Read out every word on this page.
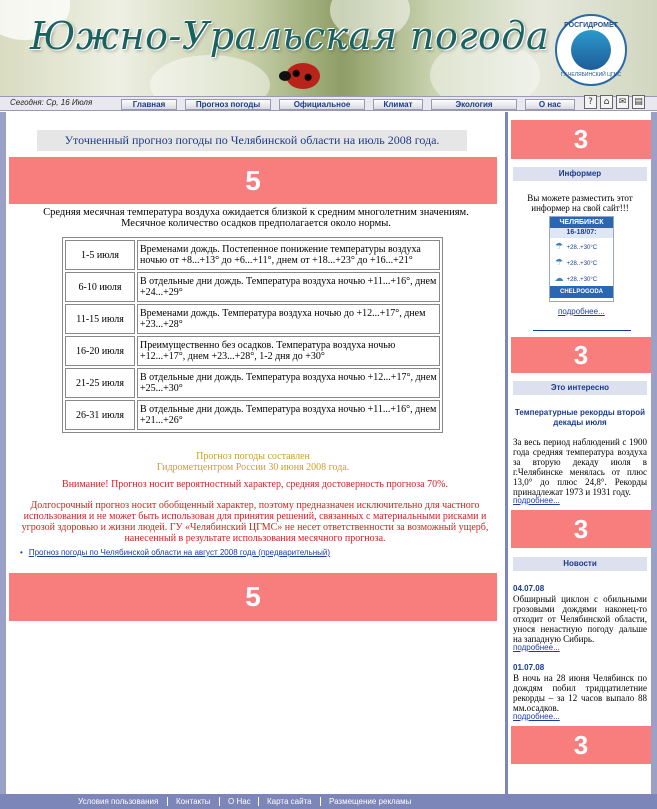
Южно-Уральская погода	РОСГИДРОМЕТ
ГУ ЧЕЛЯБИНСКИЙ ЦГМС
Сегодня: Ср, 16 Июля	Главная	Прогноз погоды	Официальное	Климат	Экология	О нас	?	⌂	✉ ▤
Уточненный прогноз погоды по Челябинской области на июль 2008 года.
5
Средняя месячная температура воздуха ожидается близкой к средним многолетним значениям.
Месячное количество осадков предполагается около нормы.
1-5 июля	Временами дождь. Постепенное понижение температуры воздуха ночью от +8...+13° до +6...+11°, днем от +18...+23° до +16...+21°
6-10 июля	В отдельные дни дождь. Температура воздуха ночью +11...+16°, днем +24...+29°
11-15 июля	Временами дождь. Температура воздуха ночью до +12...+17°, днем +23...+28°
16-20 июля	Преимущественно без осадков. Температура воздуха ночью +12...+17°, днем +23...+28°, 1-2 дня до +30°
21-25 июля	В отдельные дни дождь. Температура воздуха ночью +12...+17°, днем +25...+30°
26-31 июля	В отдельные дни дождь. Температура воздуха ночью +11...+16°, днем +21...+26°
Прогноз погоды составлен
Гидрометцентром России 30 июня 2008 года.
Внимание! Прогноз носит вероятностный характер, средняя достоверность прогноза 70%.
Долгосрочный прогноз носит обобщенный характер, поэтому предназначен исключительно для частного использования и не может быть использован для принятия решений, связанных с материальными рисками и угрозой здоровью и жизни людей. ГУ «Челябинский ЦГМС» не несет ответственности за возможный ущерб, нанесенный в результате использования месячного прогноза.
• Прогноз погоды по Челябинской области на август 2008 года (предварительный)
5
3
Информер
Вы можете разместить этот информер на свой сайт!!!
ЧЕЛЯБИНСК
16-18/07:
☂ +28..+30°C
☂ +28..+30°C
☁ +28..+30°C
CHELPOGODA
подробнее...
3
Это интересно
Температурные рекорды второй декады июля
За весь период наблюдений с 1900 года средняя температура воздуха за вторую декаду июля в г.Челябинске менялась от плюс 13,0° до плюс 24,8°. Рекорды принадлежат 1973 и 1931 году.
подробнее...
3
Новости
04.07.08
Обширный циклон с обильными грозовыми дождями наконец-то отходит от Челябинской области, унося ненастную погоду дальше на западную Сибирь.
подробнее...
01.07.08
В ночь на 28 июня Челябинск по дождям побил тридцатилетние рекорды – за 12 часов выпало 88 мм.осадков.
подробнее...
3
Условия пользования Контакты О Нас Карта сайта Размещение рекламы
